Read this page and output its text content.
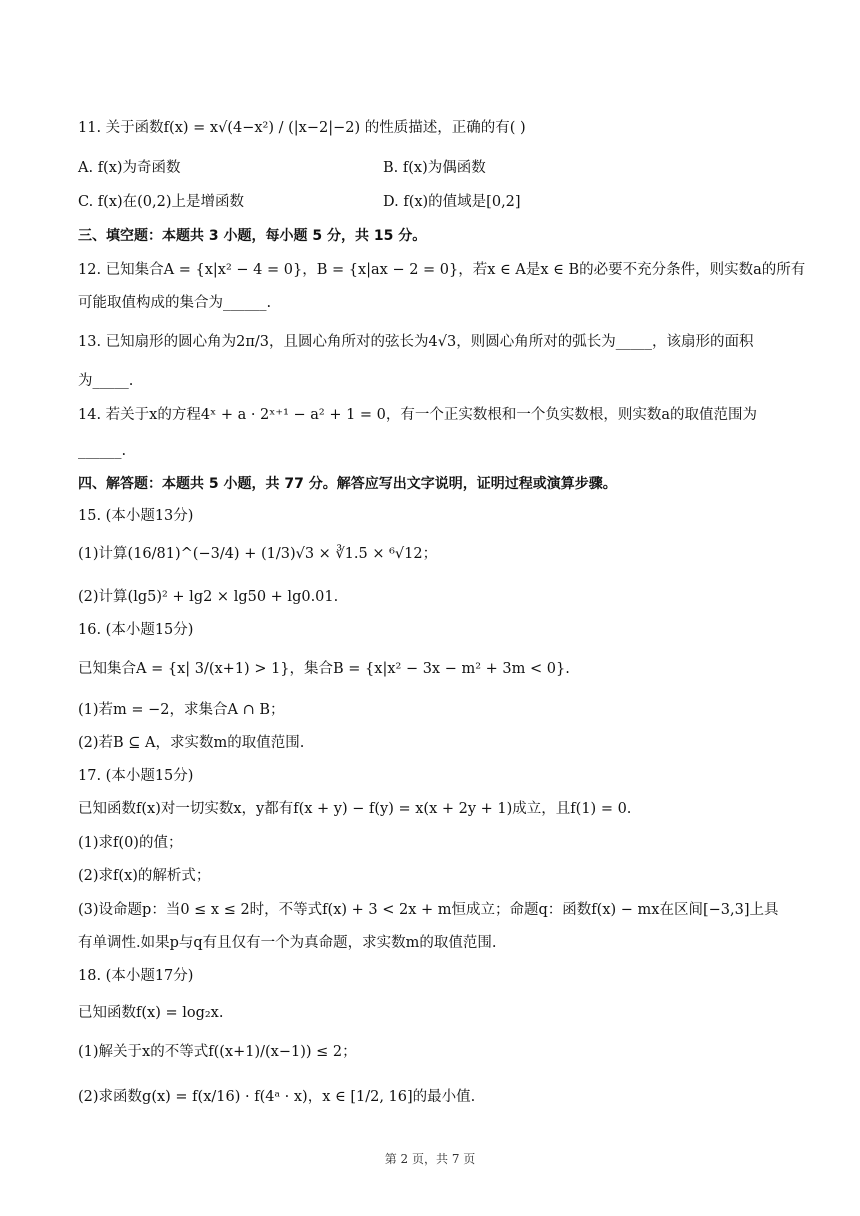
11. 关于函数f(x) = x√(4−x²) / (|x−2|−2) 的性质描述，正确的有( )
A. f(x)为奇函数	B. f(x)为偶函数
C. f(x)在(0,2)上是增函数	D. f(x)的值域是[0,2]
三、填空题：本题共 3 小题，每小题 5 分，共 15 分。
12. 已知集合A = {x|x² − 4 = 0}，B = {x|ax − 2 = 0}，若x ∈ A是x ∈ B的必要不充分条件，则实数a的所有
可能取值构成的集合为______.
13. 已知扇形的圆心角为2π/3，且圆心角所对的弦长为4√3，则圆心角所对的弧长为_____，该扇形的面积
为_____.
14. 若关于x的方程4ˣ + a · 2ˣ⁺¹ − a² + 1 = 0，有一个正实数根和一个负实数根，则实数a的取值范围为
______.
四、解答题：本题共 5 小题，共 77 分。解答应写出文字说明，证明过程或演算步骤。
15. (本小题13分)
(1)计算(16/81)^(−3/4) + (1/3)√3 × ∛1.5 × ⁶√12；
(2)计算(lg5)² + lg2 × lg50 + lg0.01.
16. (本小题15分)
已知集合A = {x| 3/(x+1) > 1}，集合B = {x|x² − 3x − m² + 3m < 0}.
(1)若m = −2，求集合A ∩ B；
(2)若B ⊆ A，求实数m的取值范围.
17. (本小题15分)
已知函数f(x)对一切实数x，y都有f(x + y) − f(y) = x(x + 2y + 1)成立，且f(1) = 0.
(1)求f(0)的值；
(2)求f(x)的解析式；
(3)设命题p：当0 ≤ x ≤ 2时，不等式f(x) + 3 < 2x + m恒成立；命题q：函数f(x) − mx在区间[−3,3]上具
有单调性.如果p与q有且仅有一个为真命题，求实数m的取值范围.
18. (本小题17分)
已知函数f(x) = log₂x.
(1)解关于x的不等式f((x+1)/(x−1)) ≤ 2；
(2)求函数g(x) = f(x/16) · f(4ᵃ · x)，x ∈ [1/2, 16]的最小值.
第 2 页，共 7 页
